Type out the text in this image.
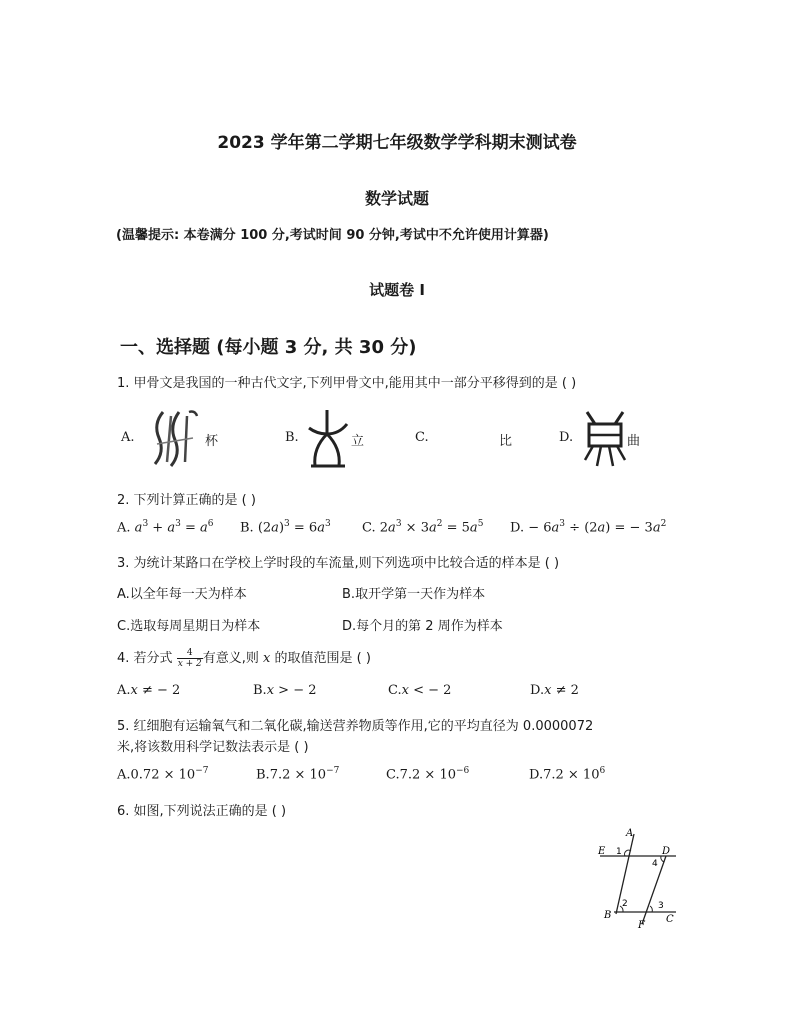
2023 学年第二学期七年级数学学科期末测试卷
数学试题
(温馨提示: 本卷满分 100 分,考试时间 90 分钟,考试中不允许使用计算器)
试题卷 I
一、选择题 (每小题 3 分, 共 30 分)
1. 甲骨文是我国的一种古代文字,下列甲骨文中,能用其中一部分平移得到的是 ( )
A.	杯	B.	立	C.	比	D.	曲
2. 下列计算正确的是 ( )
A. $a^3 + a^3 = a^6$ B. $(2a)^3 = 6a^3$ C. $2a^3 \times 3a^2 = 5a^5$ D. − $6a^3 \div (2a)$ = − $3a^2$
3. 为统计某路口在学校上学时段的车流量,则下列选项中比较合适的样本是 ( )
A.以全年每一天为样本	B.取开学第一天作为样本
C.选取每周星期日为样本	D.每个月的第 2 周作为样本
4. 若分式 $\frac{4}{x + 2}$ 有意义,则 x 的取值范围是 ( )
A.x ≠ − 2	B.x > − 2	C.x < − 2	D.x ≠ 2
5. 红细胞有运输氧气和二氧化碳,输送营养物质等作用,它的平均直径为 0.0000072
米,将该数用科学记数法表示是 ( )
$A.0.72 \times 10^{-7}$	$B.7.2 \times 10^{-7}$	$C.7.2 \times 10^{-6}$	$D.7.2 \times 10^6$
6. 如图,下列说法正确的是 ( )
A
E 1	D
4
2	3
B	C
F
